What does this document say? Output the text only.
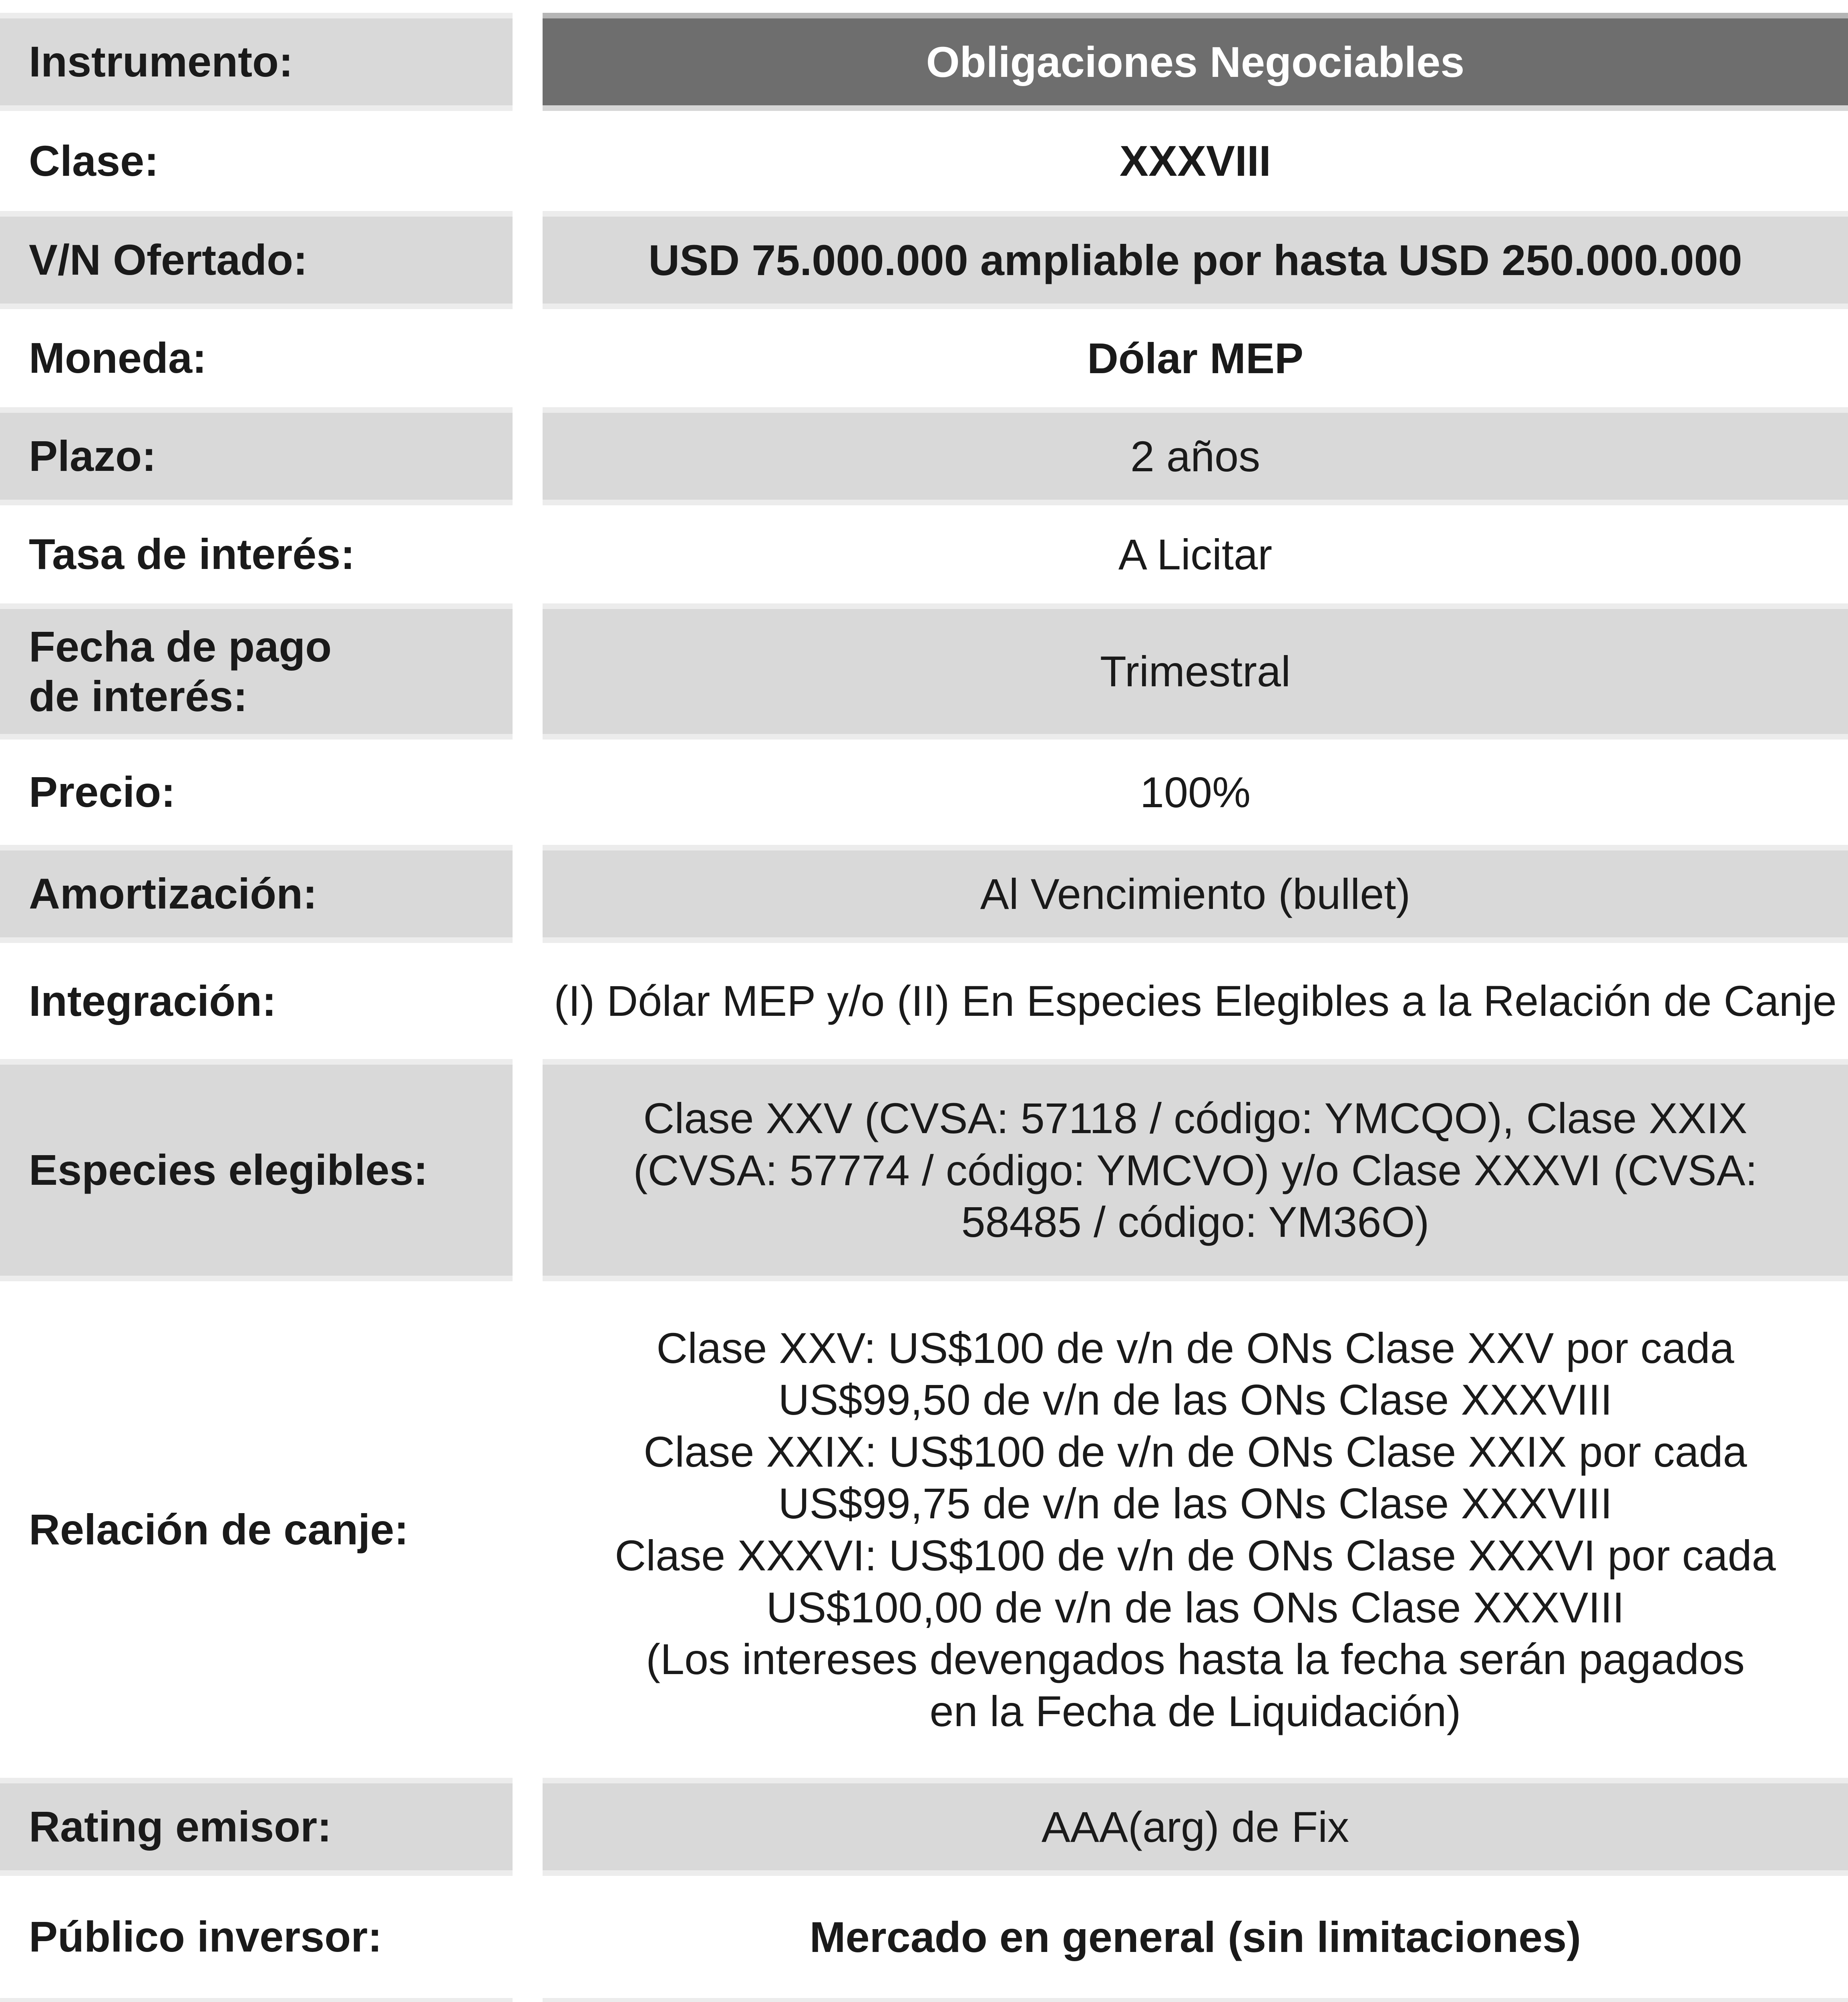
Instrumento:	Obligaciones Negociables
Clase:	XXXVIII
V/N Ofertado:	USD 75.000.000 ampliable por hasta USD 250.000.000
Moneda:	Dólar MEP
Plazo:	2 años
Tasa de interés:	A Licitar
Fecha de pago
de interés:
Trimestral
Precio:	100%
Amortización:	Al Vencimiento (bullet)
Integración:	(I) Dólar MEP y/o (II) En Especies Elegibles a la Relación de Canje
Especies elegibles:
Clase XXV (CVSA: 57118 / código: YMCQO), Clase XXIX
(CVSA: 57774 / código: YMCVO) y/o Clase XXXVI (CVSA:
58485 / código: YM36O)
Relación de canje:
Clase XXV: US$100 de v/n de ONs Clase XXV por cada
US$99,50 de v/n de las ONs Clase XXXVIII
Clase XXIX: US$100 de v/n de ONs Clase XXIX por cada
US$99,75 de v/n de las ONs Clase XXXVIII
Clase XXXVI: US$100 de v/n de ONs Clase XXXVI por cada
US$100,00 de v/n de las ONs Clase XXXVIII
(Los intereses devengados hasta la fecha serán pagados
en la Fecha de Liquidación)
Rating emisor:	AAA(arg) de Fix
Público inversor:	Mercado en general (sin limitaciones)
